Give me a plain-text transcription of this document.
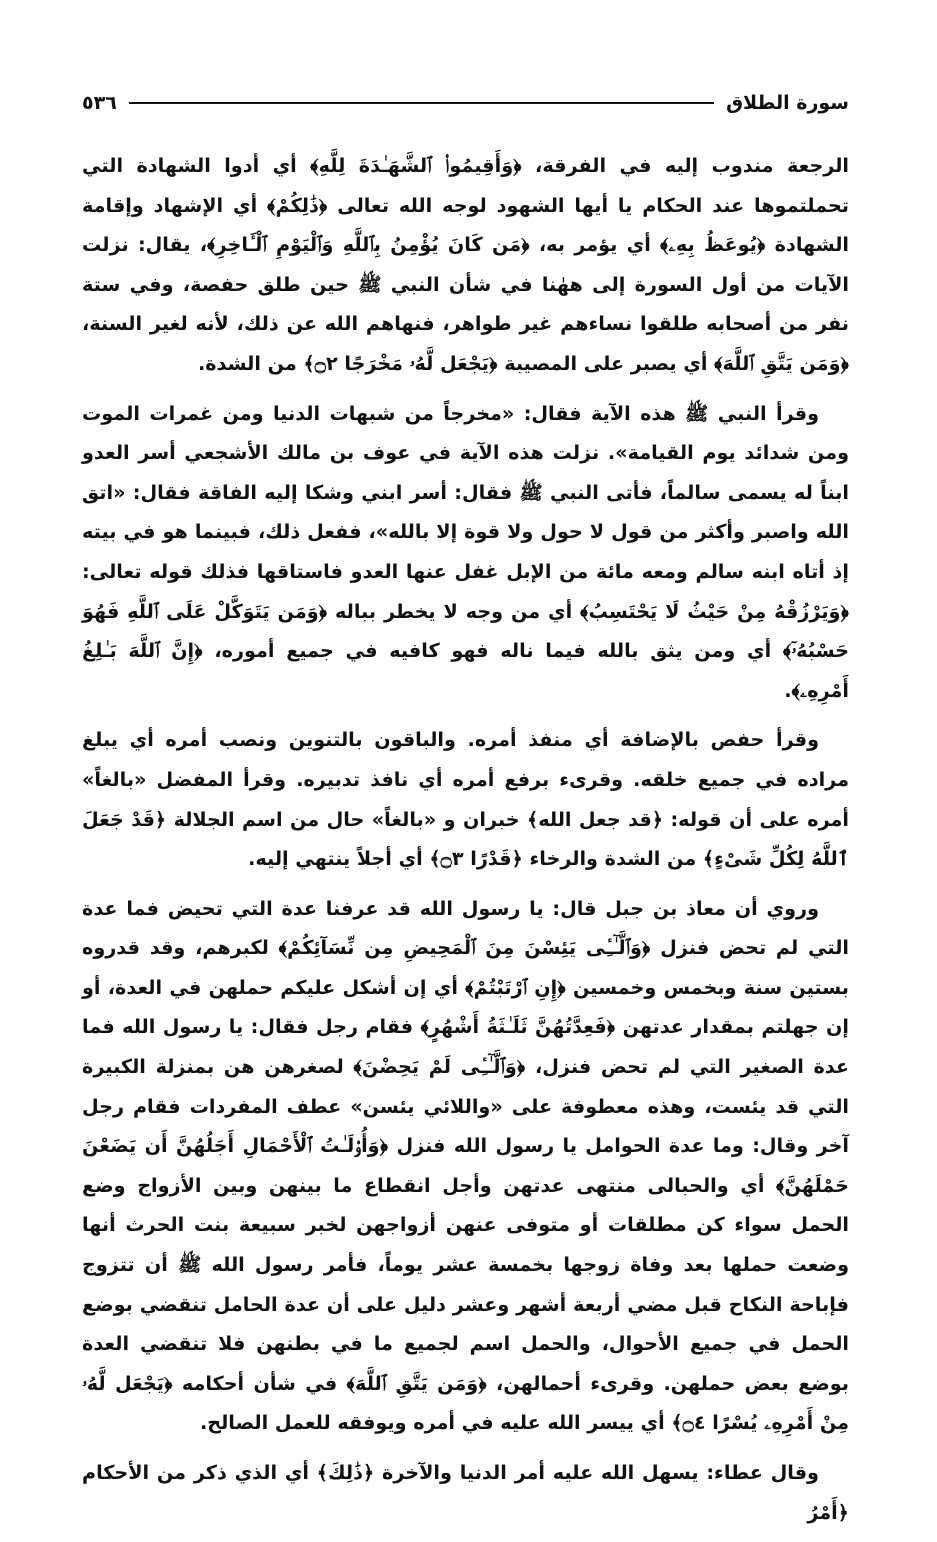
سورة الطلاق
٥٣٦

الرجعة مندوب إليه في الفرقة، ﴿وَأَقِيمُوا۟ ٱلشَّهَـٰدَةَ لِلَّهِ﴾ أي أدوا الشهادة التي تحملتموها عند الحكام يا أيها الشهود لوجه الله تعالى ﴿ذَٰلِكُمْ﴾ أي الإشهاد وإقامة الشهادة ﴿يُوعَظُ بِهِۦ﴾ أي يؤمر به، ﴿مَن كَانَ يُؤْمِنُ بِٱللَّهِ وَٱلْيَوْمِ ٱلْـَٔاخِرِ﴾، يقال: نزلت الآيات من أول السورة إلى ههٰنا في شأن النبي ﷺ حين طلق حفصة، وفي ستة نفر من أصحابه طلقوا نساءهم غير طواهر، فنهاهم الله عن ذلك، لأنه لغير السنة، ﴿وَمَن يَتَّقِ ٱللَّهَ﴾ أي يصبر على المصيبة ﴿يَجْعَل لَّهُۥ مَخْرَجًا ۝٢﴾ من الشدة.

وقرأ النبي ﷺ هذه الآية فقال: «مخرجاً من شبهات الدنيا ومن غمرات الموت ومن شدائد يوم القيامة». نزلت هذه الآية في عوف بن مالك الأشجعي أسر العدو ابناً له يسمى سالماً، فأتى النبي ﷺ فقال: أسر ابني وشكا إليه الفاقة فقال: «اتق الله واصبر وأكثر من قول لا حول ولا قوة إلا بالله»، ففعل ذلك، فبينما هو في بيته إذ أتاه ابنه سالم ومعه مائة من الإبل غفل عنها العدو فاستاقها فذلك قوله تعالى: ﴿وَيَرْزُقْهُ مِنْ حَيْثُ لَا يَحْتَسِبُ﴾ أي من وجه لا يخطر بباله ﴿وَمَن يَتَوَكَّلْ عَلَى ٱللَّهِ فَهُوَ حَسْبُهُۥٓ﴾ أي ومن يثق بالله فيما ناله فهو كافيه في جميع أموره، ﴿إِنَّ ٱللَّهَ بَـٰلِغُ أَمْرِهِۦ﴾.

وقرأ حفص بالإضافة أي منفذ أمره. والباقون بالتنوين ونصب أمره أي يبلغ مراده في جميع خلقه. وقرىء برفع أمره أي نافذ تدبيره. وقرأ المفضل «بالغاً» أمره على أن قوله: ﴿قد جعل الله﴾ خبران و «بالغاً» حال من اسم الجلالة ﴿قَدْ جَعَلَ ٱللَّهُ لِكُلِّ شَىْءٍ﴾ من الشدة والرخاء ﴿قَدْرًا ۝٣﴾ أي أجلاً ينتهي إليه.

وروي أن معاذ بن جبل قال: يا رسول الله قد عرفنا عدة التي تحيض فما عدة التي لم تحض فنزل ﴿وَٱلَّـٰٓـِٔى يَئِسْنَ مِنَ ٱلْمَحِيضِ مِن نِّسَآئِكُمْ﴾ لكبرهم، وقد قدروه بستين سنة وبخمس وخمسين ﴿إِنِ ٱرْتَبْتُمْ﴾ أي إن أشكل عليكم حملهن في العدة، أو إن جهلتم بمقدار عدتهن ﴿فَعِدَّتُهُنَّ ثَلَـٰثَةُ أَشْهُرٍ﴾ فقام رجل فقال: يا رسول الله فما عدة الصغير التي لم تحض فنزل، ﴿وَٱلَّـٰٓـِٔى لَمْ يَحِضْنَ﴾ لصغرهن هن بمنزلة الكبيرة التي قد يئست، وهذه معطوفة على «واللائي يئسن» عطف المفردات فقام رجل آخر وقال: وما عدة الحوامل يا رسول الله فنزل ﴿وَأُو۟لَـٰتُ ٱلْأَحْمَالِ أَجَلُهُنَّ أَن يَضَعْنَ حَمْلَهُنَّ﴾ أي والحبالى منتهى عدتهن وأجل انقطاع ما بينهن وبين الأزواج وضع الحمل سواء كن مطلقات أو متوفى عنهن أزواجهن لخبر سبيعة بنت الحرث أنها وضعت حملها بعد وفاة زوجها بخمسة عشر يوماً، فأمر رسول الله ﷺ أن تتزوج فإباحة النكاح قبل مضي أربعة أشهر وعشر دليل على أن عدة الحامل تنقضي بوضع الحمل في جميع الأحوال، والحمل اسم لجميع ما في بطنهن فلا تنقضي العدة بوضع بعض حملهن. وقرىء أحمالهن، ﴿وَمَن يَتَّقِ ٱللَّهَ﴾ في شأن أحكامه ﴿يَجْعَل لَّهُۥ مِنْ أَمْرِهِۦ يُسْرًا ۝٤﴾ أي ييسر الله عليه في أمره ويوفقه للعمل الصالح.

وقال عطاء: يسهل الله عليه أمر الدنيا والآخرة ﴿ذَٰلِكَ﴾ أي الذي ذكر من الأحكام ﴿أَمْرُ
